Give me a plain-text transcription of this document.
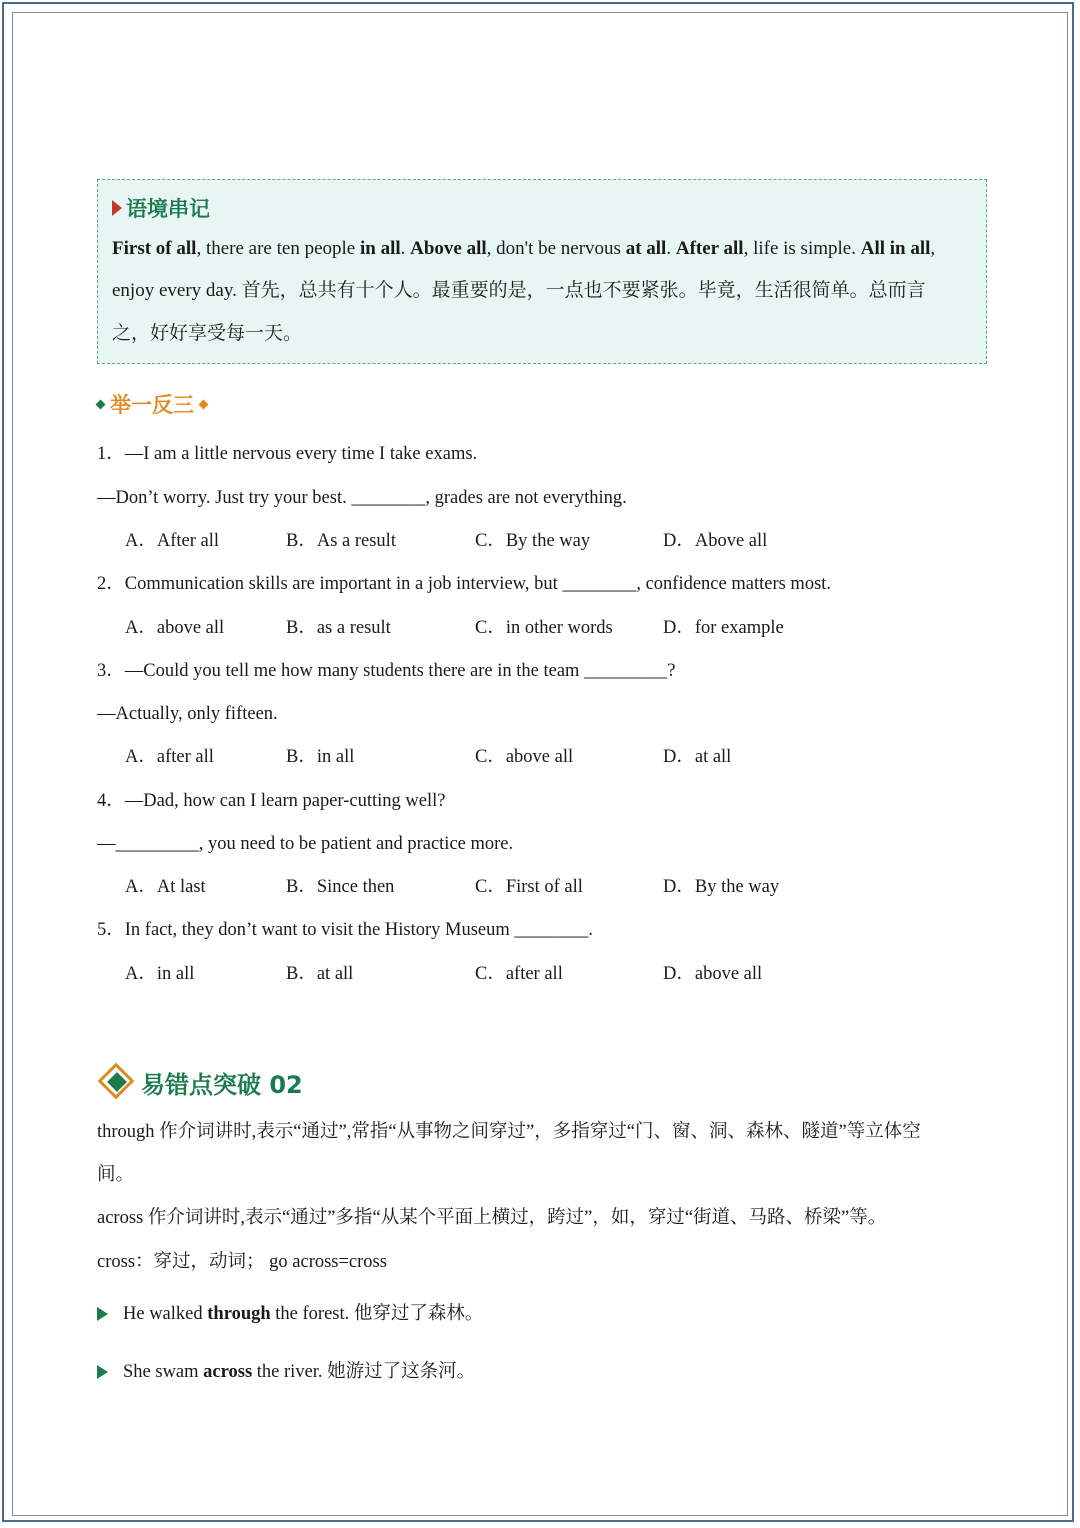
语境串记
First of all, there are ten people in all. Above all, don't be nervous at all. After all, life is simple. All in all,
enjoy every day. 首先，总共有十个人。最重要的是，一点也不要紧张。毕竟，生活很简单。总而言
之，好好享受每一天。
举一反三
1．—I am a little nervous every time I take exams.
—Don’t worry. Just try your best. ________, grades are not everything.
A．After all	B．As a result	C．By the way	D．Above all
2．Communication skills are important in a job interview, but ________, confidence matters most.
A．above all	B．as a result	C．in other words	D．for example
3．—Could you tell me how many students there are in the team _________?
—Actually, only fifteen.
A．after all	B．in all	C．above all	D．at all
4．—Dad, how can I learn paper-cutting well?
—_________, you need to be patient and practice more.
A．At last	B．Since then	C．First of all	D．By the way
5．In fact, they don’t want to visit the History Museum ________.
A．in all	B．at all	C．after all	D．above all
易错点突破 02
through 作介词讲时,表示“通过”,常指“从事物之间穿过”，多指穿过“门、窗、洞、森林、隧道”等立体空
间。
across 作介词讲时,表示“通过”多指“从某个平面上横过，跨过”，如，穿过“街道、马路、桥梁”等。
cross：穿过，动词； go across=cross
He walked through the forest. 他穿过了森林。
She swam across the river. 她游过了这条河。
